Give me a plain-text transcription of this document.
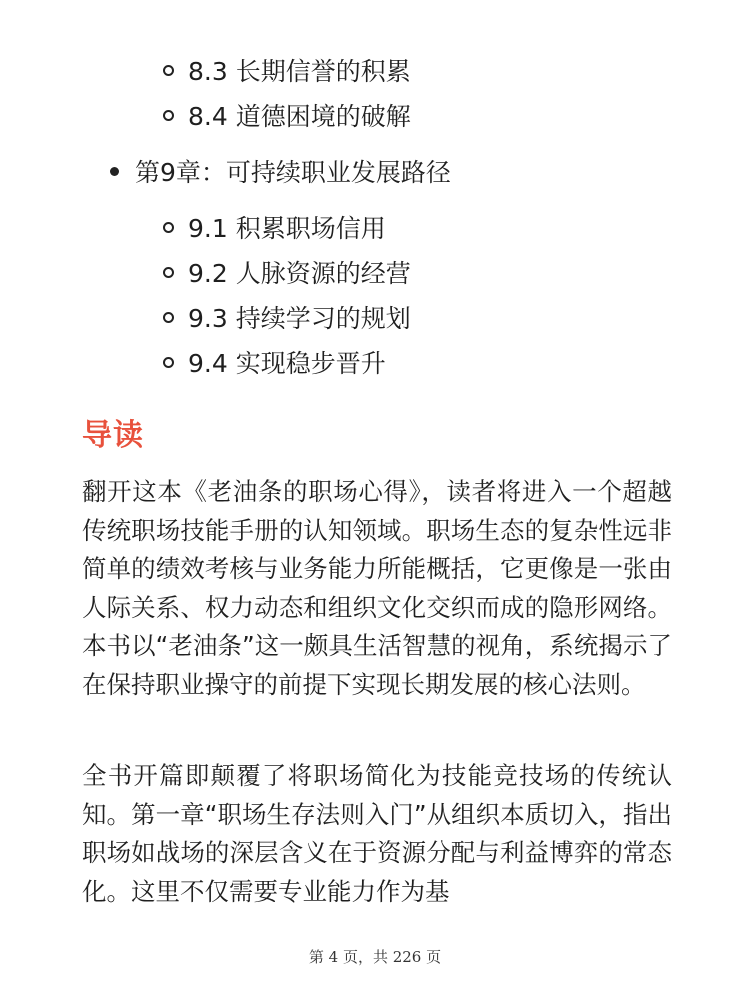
8.3 长期信誉的积累
8.4 道德困境的破解
第9章：可持续职业发展路径
9.1 积累职场信用
9.2 人脉资源的经营
9.3 持续学习的规划
9.4 实现稳步晋升
导读

翻开这本《老油条的职场心得》，读者将进入一个超越传统职场技能手册的认知领域。职场生态的复杂性远非简单的绩效考核与业务能力所能概括，它更像是一张由人际关系、权力动态和组织文化交织而成的隐形网络。本书以“老油条”这一颇具生活智慧的视角，系统揭示了在保持职业操守的前提下实现长期发展的核心法则。

全书开篇即颠覆了将职场简化为技能竞技场的传统认知。第一章“职场生存法则入门”从组织本质切入，指出职场如战场的深层含义在于资源分配与利益博弈的常态化。这里不仅需要专业能力作为基

第 4 页，共 226 页
